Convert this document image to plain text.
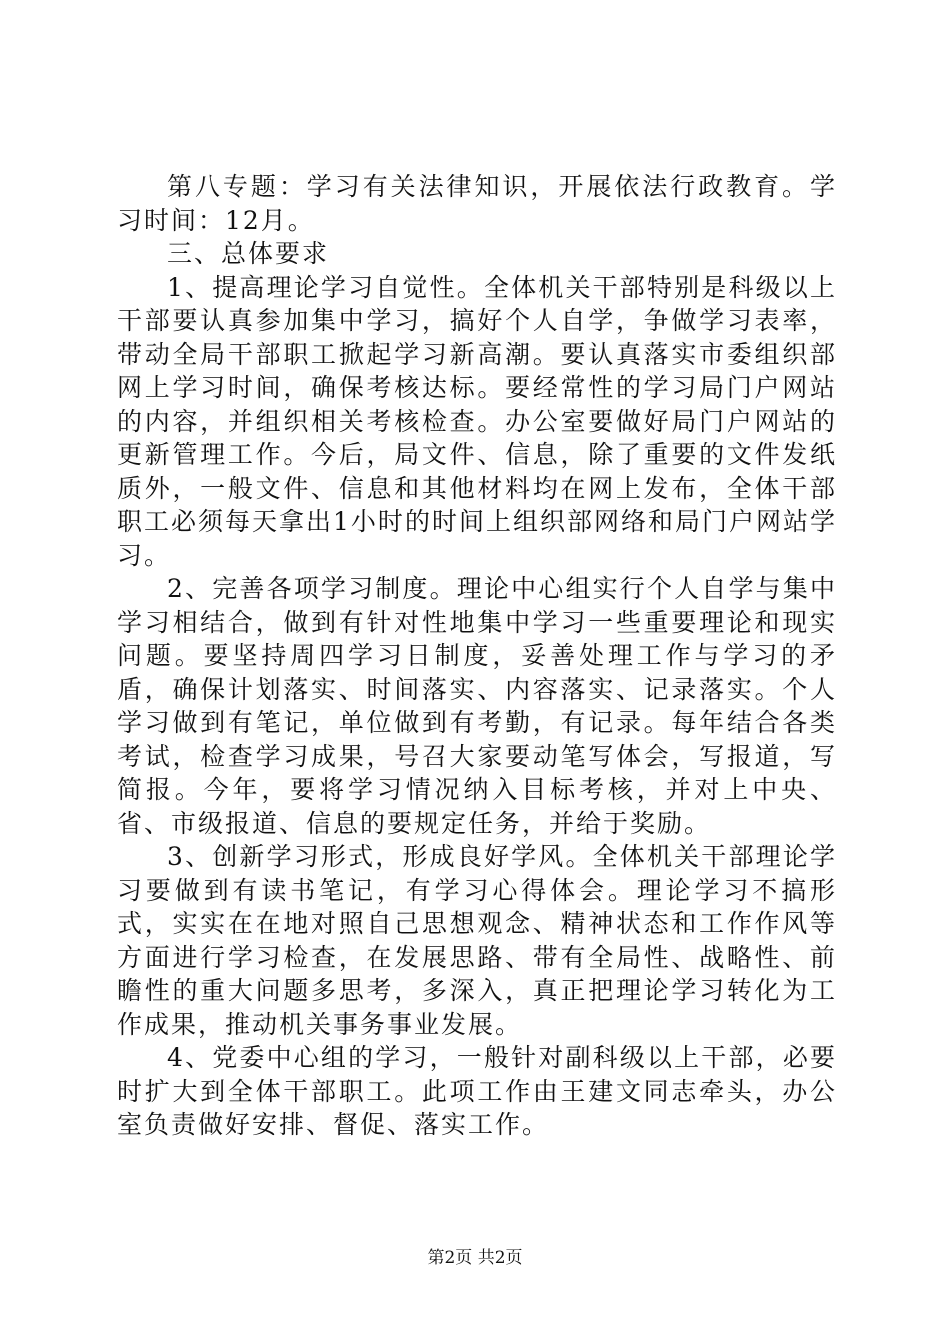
第八专题：学习有关法律知识，开展依法行政教育。学习时间：12月。

三、总体要求

1、提高理论学习自觉性。全体机关干部特别是科级以上干部要认真参加集中学习，搞好个人自学，争做学习表率，带动全局干部职工掀起学习新高潮。要认真落实市委组织部网上学习时间，确保考核达标。要经常性的学习局门户网站的内容，并组织相关考核检查。办公室要做好局门户网站的更新管理工作。今后，局文件、信息，除了重要的文件发纸质外，一般文件、信息和其他材料均在网上发布，全体干部职工必须每天拿出1小时的时间上组织部网络和局门户网站学习。

2、完善各项学习制度。理论中心组实行个人自学与集中学习相结合，做到有针对性地集中学习一些重要理论和现实问题。要坚持周四学习日制度，妥善处理工作与学习的矛盾，确保计划落实、时间落实、内容落实、记录落实。个人学习做到有笔记，单位做到有考勤，有记录。每年结合各类考试，检查学习成果，号召大家要动笔写体会，写报道，写简报。今年，要将学习情况纳入目标考核，并对上中央、省、市级报道、信息的要规定任务，并给于奖励。

3、创新学习形式，形成良好学风。全体机关干部理论学习要做到有读书笔记，有学习心得体会。理论学习不搞形式，实实在在地对照自己思想观念、精神状态和工作作风等方面进行学习检查，在发展思路、带有全局性、战略性、前瞻性的重大问题多思考，多深入，真正把理论学习转化为工作成果，推动机关事务事业发展。

4、党委中心组的学习，一般针对副科级以上干部，必要时扩大到全体干部职工。此项工作由王建文同志牵头，办公室负责做好安排、督促、落实工作。

第2页 共2页
